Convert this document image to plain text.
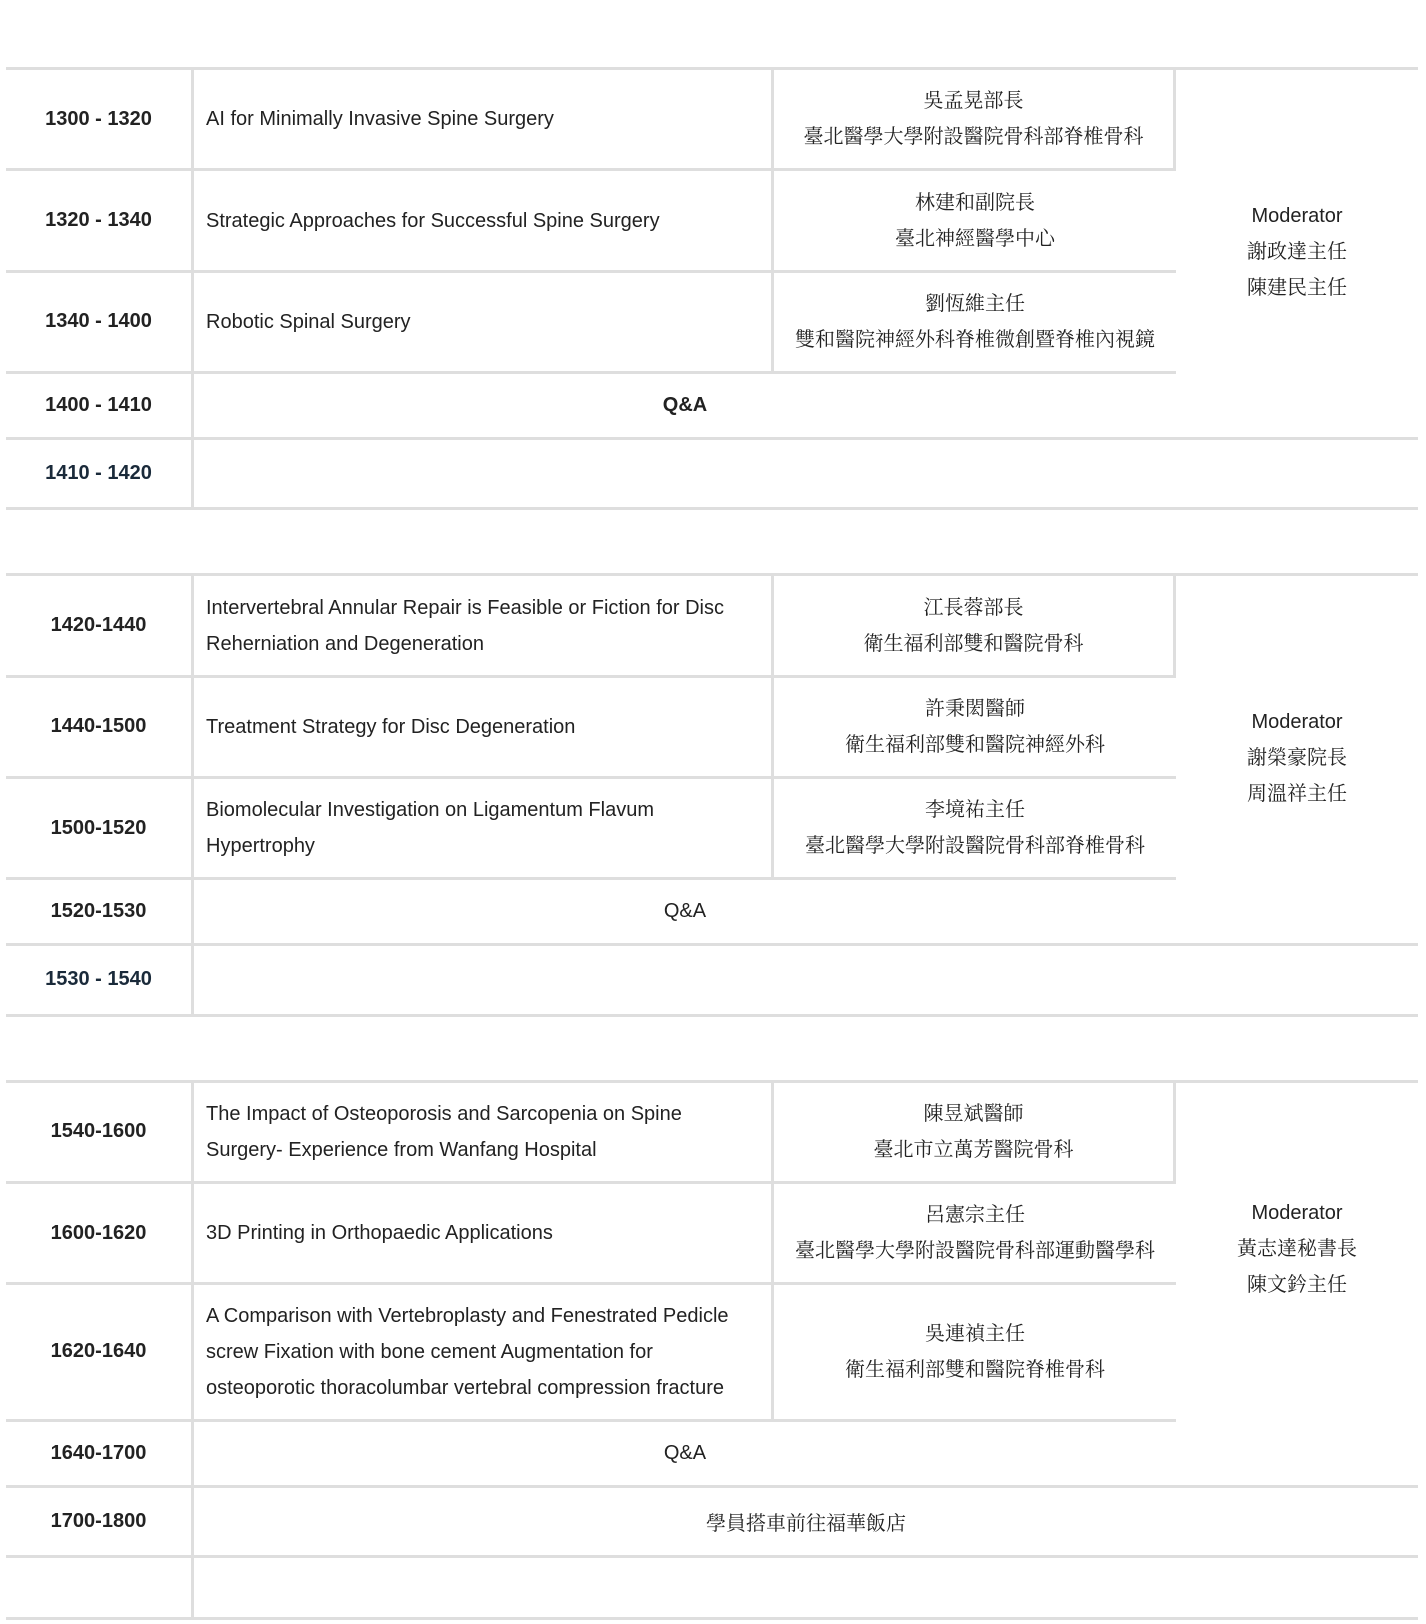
Theme 1: Spinal Cord Injury			
1300 - 1320	AI for Minimally Invasive Spine Surgery	吳孟晃部長
臺北醫學大學附設醫院骨科部脊椎骨科	Moderator
謝政達主任
陳建民主任

1320 - 1340	Strategic Approaches for Successful Spine Surgery	林建和副院長
臺北神經醫學中心	

1340 - 1400	Robotic Spinal Surgery	劉恆維主任
雙和醫院神經外科脊椎微創暨脊椎內視鏡	

1400 - 1410	Q&A		
1410 - 1420	Coffee Break		
Theme 2: Disc Regeneration			
1420-1440	Intervertebral Annular Repair is Feasible or Fiction for Disc Reherniation and Degeneration	江長蓉部長
衛生福利部雙和醫院骨科	Moderator
謝榮豪院長
周溫祥主任

1440-1500	Treatment Strategy for Disc Degeneration	許秉閎醫師
衛生福利部雙和醫院神經外科	

1500-1520	Biomolecular Investigation on Ligamentum Flavum Hypertrophy	李境祐主任
臺北醫學大學附設醫院骨科部脊椎骨科	

1520-1530	Q&A		
1530 - 1540	Coffee Break		
Theme 3: Osteoporosis、Sports Medicine			
1540-1600	The Impact of Osteoporosis and Sarcopenia on Spine Surgery- Experience from Wanfang Hospital	陳昱斌醫師
臺北市立萬芳醫院骨科	Moderator
黃志達秘書長
陳文鈐主任

1600-1620	3D Printing in Orthopaedic Applications	呂憲宗主任
臺北醫學大學附設醫院骨科部運動醫學科	

1620-1640	A Comparison with Vertebroplasty and Fenestrated Pedicle screw Fixation with bone cement Augmentation for osteoporotic thoracolumbar vertebral compression fracture	吳連禎主任
衛生福利部雙和醫院脊椎骨科	

1640-1700	Q&A		
1700-1800	學員搭車前往福華飯店		
1800 ~	Gala Dinner (福華飯店)		
